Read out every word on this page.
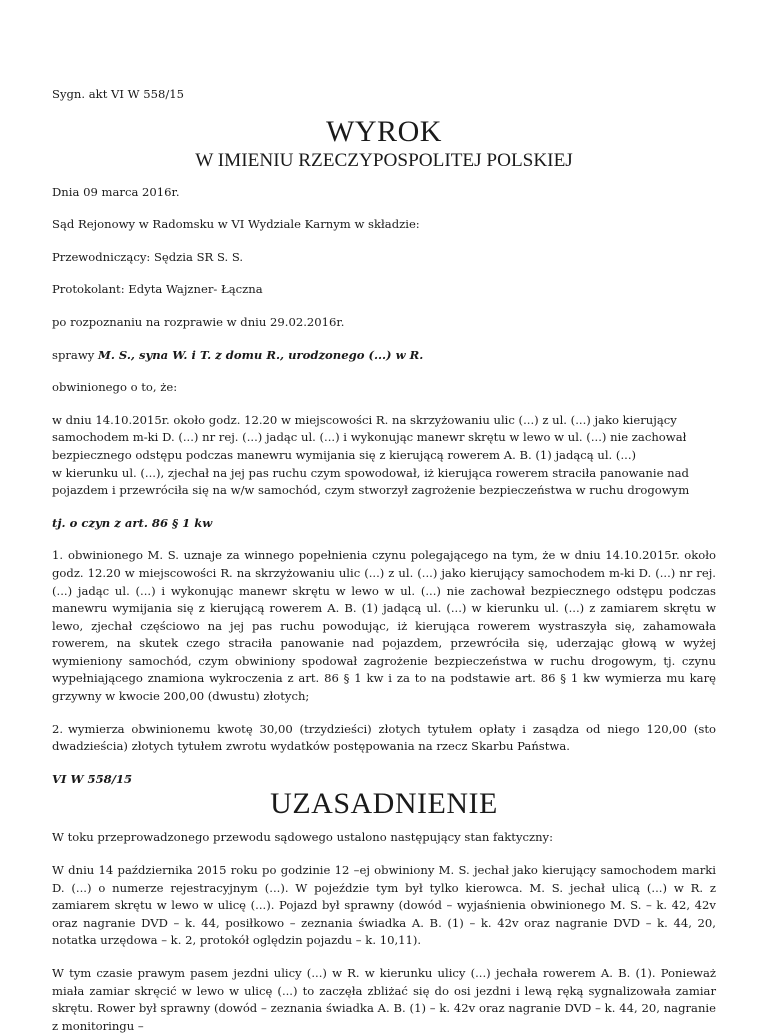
Sygn. akt VI W 558/15

WYROK
W IMIENIU RZECZYPOSPOLITEJ POLSKIEJ

Dnia 09 marca 2016r.

Sąd Rejonowy w Radomsku w VI Wydziale Karnym w składzie:

Przewodniczący: Sędzia SR S. S.

Protokolant: Edyta Wajzner- Łączna

po rozpoznaniu na rozprawie w dniu 29.02.2016r.

sprawy M. S., syna W. i T. z domu R., urodzonego (...) w R.

obwinionego o to, że:

w dniu 14.10.2015r. około godz. 12.20 w miejscowości R. na skrzyżowaniu ulic (...) z ul. (...) jako kierujący samochodem m-ki D. (...) nr rej. (...) jadąc ul. (...) i wykonując manewr skrętu w lewo w ul. (...) nie zachował bezpiecznego odstępu podczas manewru wymijania się z kierującą rowerem A. B. (1) jadącą ul. (...)
w kierunku ul. (...), zjechał na jej pas ruchu czym spowodował, iż kierująca rowerem straciła panowanie nad pojazdem i przewróciła się na w/w samochód, czym stworzył zagrożenie bezpieczeństwa w ruchu drogowym

tj. o czyn z art. 86 § 1 kw

1. obwinionego M. S. uznaje za winnego popełnienia czynu polegającego na tym, że w dniu 14.10.2015r. około godz. 12.20 w miejscowości R. na skrzyżowaniu ulic (...) z ul. (...) jako kierujący samochodem m-ki D. (...) nr rej. (...) jadąc ul. (...) i wykonując manewr skrętu w lewo w ul. (...) nie zachował bezpiecznego odstępu podczas manewru wymijania się z kierującą rowerem A. B. (1) jadącą ul. (...) w kierunku ul. (...) z zamiarem skrętu w lewo, zjechał częściowo na jej pas ruchu powodując, iż kierująca rowerem wystraszyła się, zahamowała rowerem, na skutek czego straciła panowanie nad pojazdem, przewróciła się, uderzając głową w wyżej wymieniony samochód, czym obwiniony spodował zagrożenie bezpieczeństwa w ruchu drogowym, tj. czynu wypełniającego znamiona wykroczenia z art. 86 § 1 kw i za to na podstawie art. 86 § 1 kw wymierza mu karę grzywny w kwocie 200,00 (dwustu) złotych;

2. wymierza obwinionemu kwotę 30,00 (trzydzieści) złotych tytułem opłaty i zasądza od niego 120,00 (sto dwadzieścia) złotych tytułem zwrotu wydatków postępowania na rzecz Skarbu Państwa.

VI W 558/15

UZASADNIENIE

W toku przeprowadzonego przewodu sądowego ustalono następujący stan faktyczny:

W dniu 14 października 2015 roku po godzinie 12 –ej obwiniony M. S. jechał jako kierujący samochodem marki D. (...) o numerze rejestracyjnym (...). W pojeździe tym był tylko kierowca. M. S. jechał ulicą (...) w R. z zamiarem skrętu w lewo w ulicę (...). Pojazd był sprawny (dowód – wyjaśnienia obwinionego M. S. – k. 42, 42v oraz nagranie DVD – k. 44, posiłkowo – zeznania świadka A. B. (1) – k. 42v oraz nagranie DVD – k. 44, 20, notatka urzędowa – k. 2, protokół oględzin pojazdu – k. 10,11).

W tym czasie prawym pasem jezdni ulicy (...) w R. w kierunku ulicy (...) jechała rowerem A. B. (1). Ponieważ miała zamiar skręcić w lewo w ulicę (...) to zaczęła zbliżać się do osi jezdni i lewą ręką sygnalizowała zamiar skrętu. Rower był sprawny (dowód – zeznania świadka A. B. (1) – k. 42v oraz nagranie DVD – k. 44, 20, nagranie z monitoringu –
